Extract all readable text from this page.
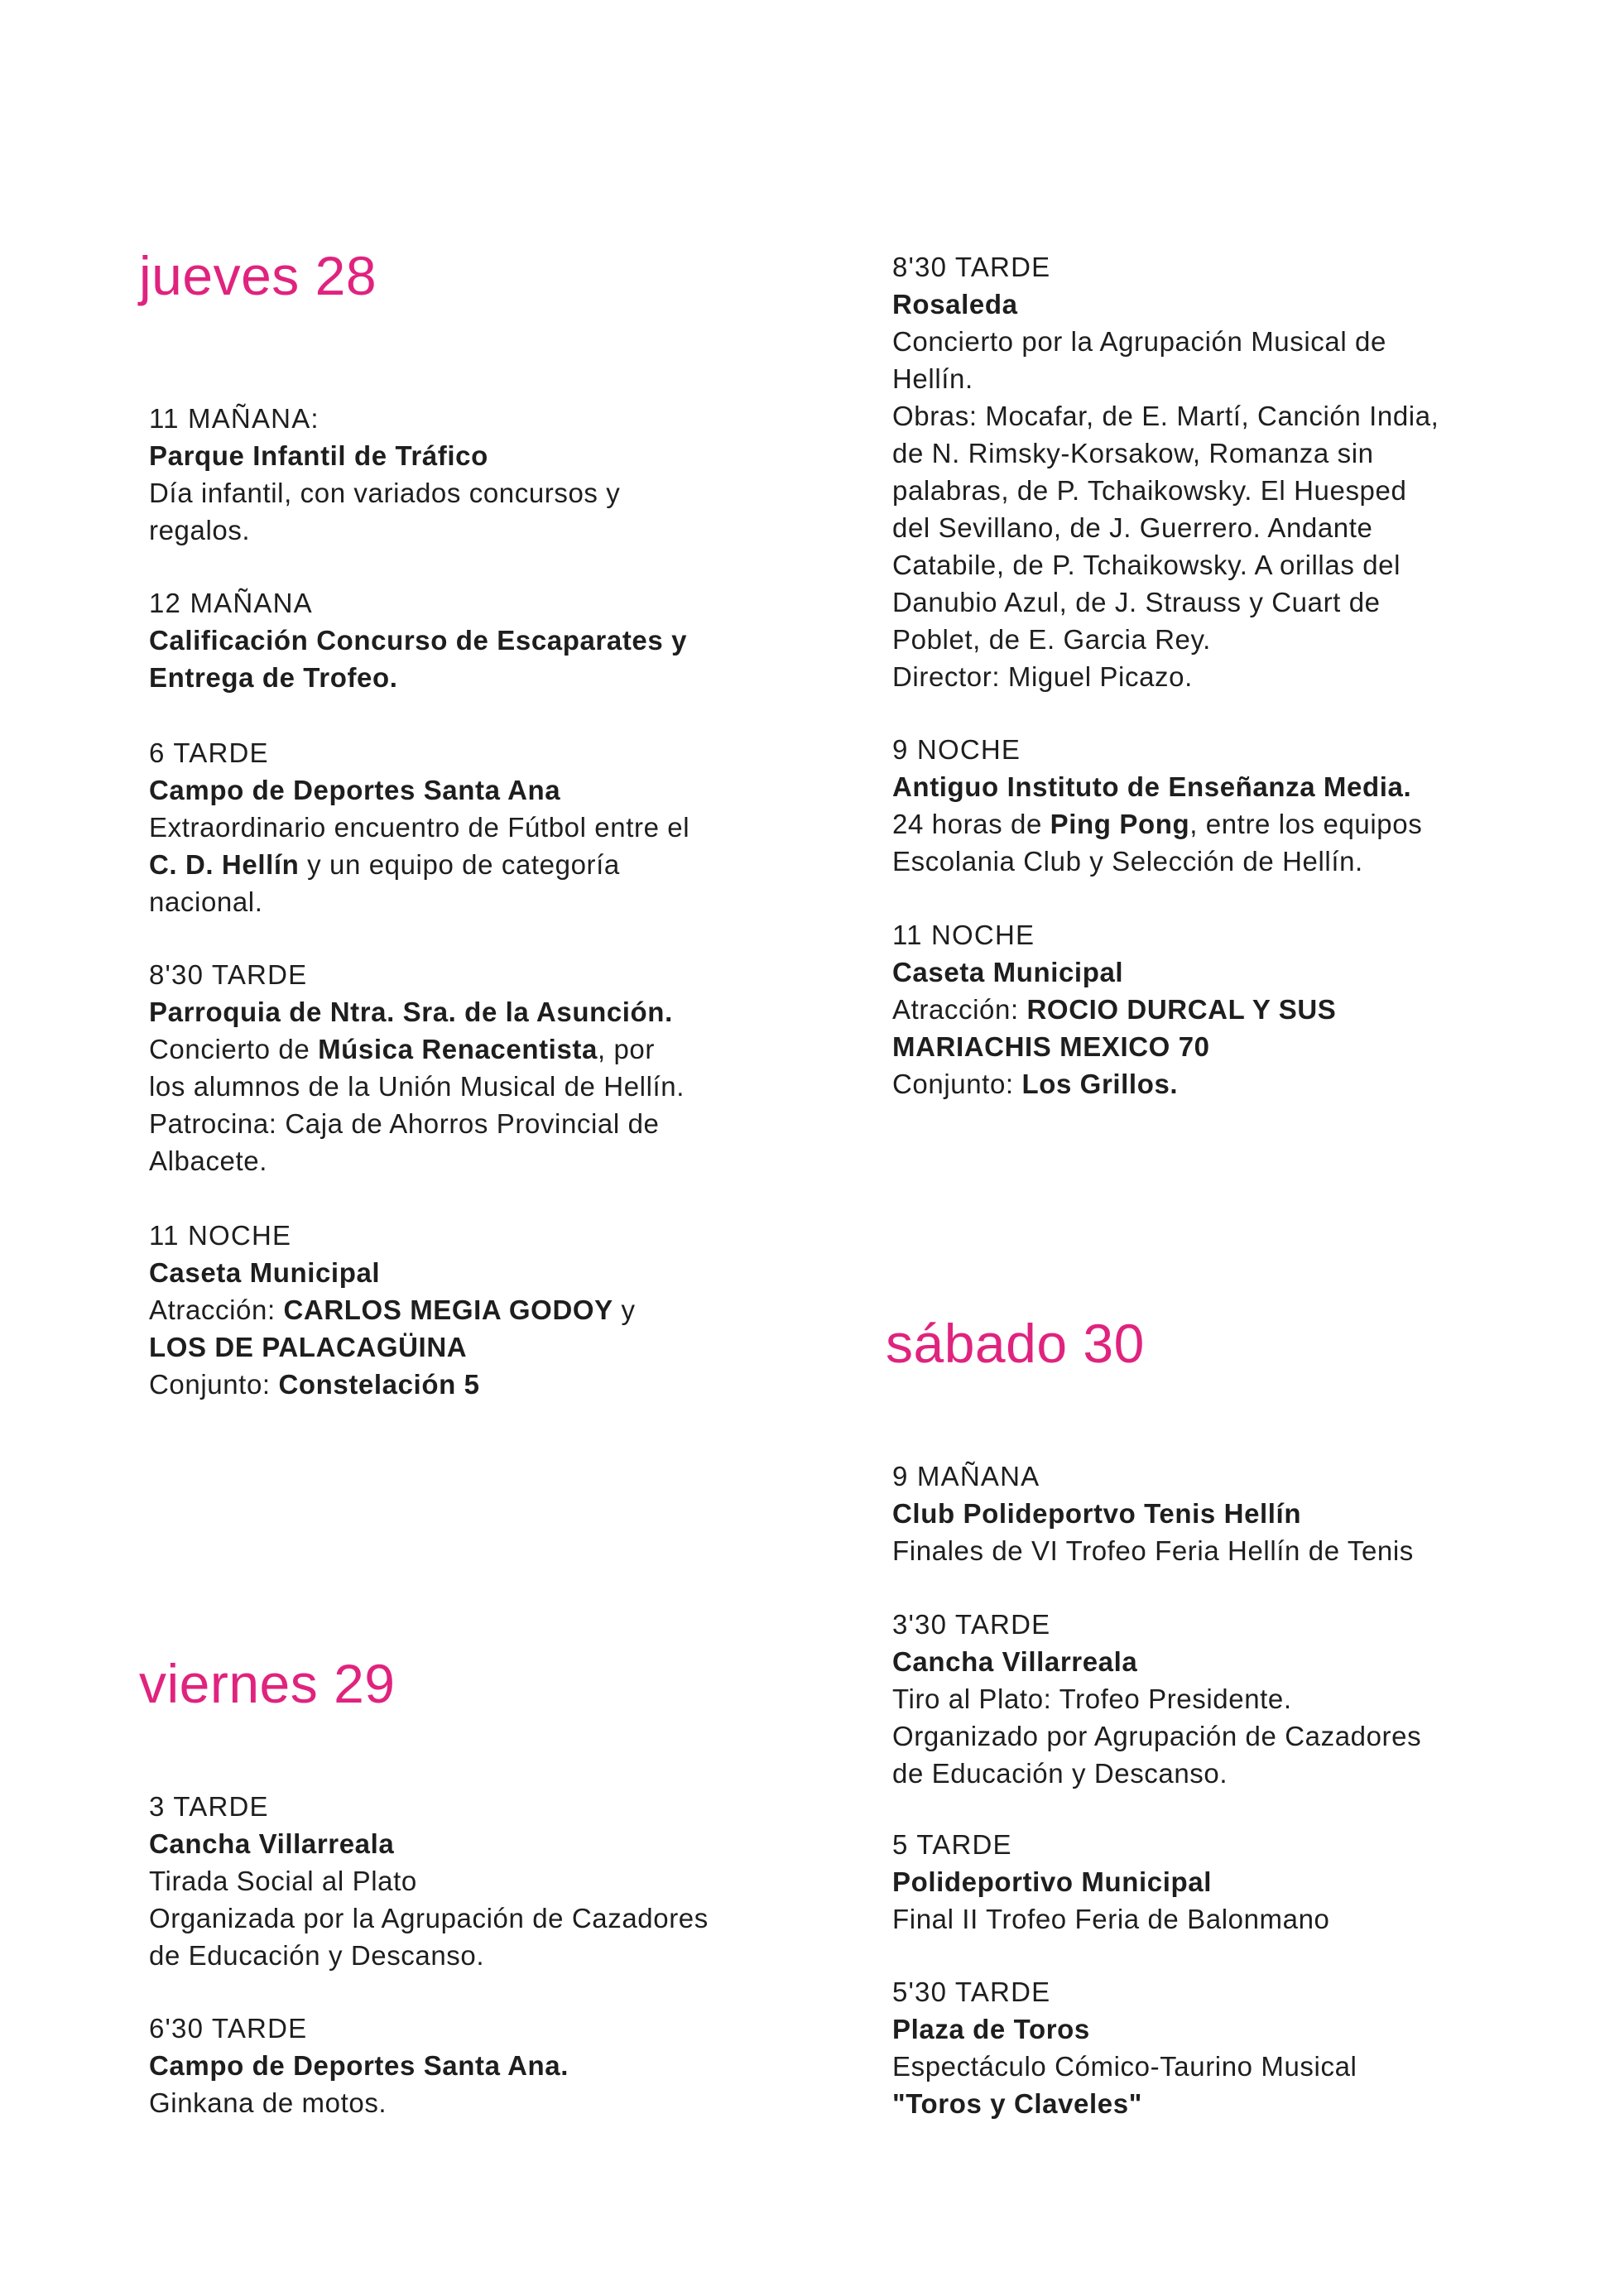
jueves 28
11 MAÑANA:
Parque Infantil de Tráfico
Día infantil, con variados concursos y
regalos.
12 MAÑANA
Calificación Concurso de Escaparates y
Entrega de Trofeo.
6 TARDE
Campo de Deportes Santa Ana
Extraordinario encuentro de Fútbol entre el
C. D. Hellín y un equipo de categoría
nacional.
8'30 TARDE
Parroquia de Ntra. Sra. de la Asunción.
Concierto de Música Renacentista, por
los alumnos de la Unión Musical de Hellín.
Patrocina: Caja de Ahorros Provincial de
Albacete.
11 NOCHE
Caseta Municipal
Atracción: CARLOS MEGIA GODOY y
LOS DE PALACAGÜINA
Conjunto: Constelación 5
viernes 29
3 TARDE
Cancha Villarreala
Tirada Social al Plato
Organizada por la Agrupación de Cazadores
de Educación y Descanso.
6'30 TARDE
Campo de Deportes Santa Ana.
Ginkana de motos.
8'30 TARDE
Rosaleda
Concierto por la Agrupación Musical de
Hellín.
Obras: Mocafar, de E. Martí, Canción India,
de N. Rimsky-Korsakow, Romanza sin
palabras, de P. Tchaikowsky. El Huesped
del Sevillano, de J. Guerrero. Andante
Catabile, de P. Tchaikowsky. A orillas del
Danubio Azul, de J. Strauss y Cuart de
Poblet, de E. Garcia Rey.
Director: Miguel Picazo.
9 NOCHE
Antiguo Instituto de Enseñanza Media.
24 horas de Ping Pong, entre los equipos
Escolania Club y Selección de Hellín.
11 NOCHE
Caseta Municipal
Atracción: ROCIO DURCAL Y SUS
MARIACHIS MEXICO 70
Conjunto: Los Grillos.
sábado 30
9 MAÑANA
Club Polideportvo Tenis Hellín
Finales de VI Trofeo Feria Hellín de Tenis
3'30 TARDE
Cancha Villarreala
Tiro al Plato: Trofeo Presidente.
Organizado por Agrupación de Cazadores
de Educación y Descanso.
5 TARDE
Polideportivo Municipal
Final II Trofeo Feria de Balonmano
5'30 TARDE
Plaza de Toros
Espectáculo Cómico-Taurino Musical
"Toros y Claveles"
